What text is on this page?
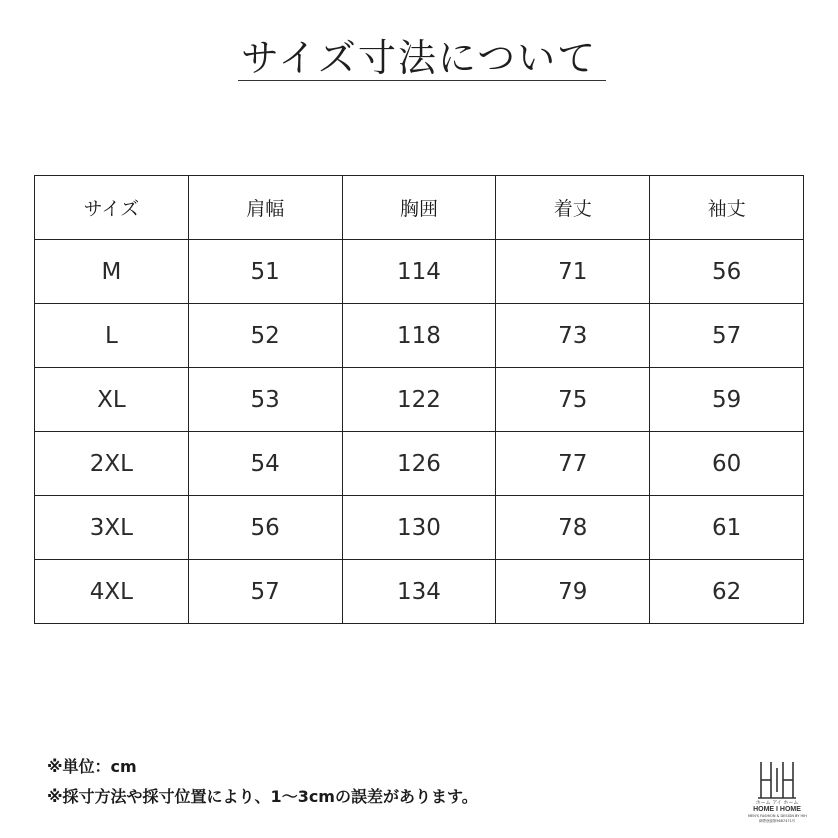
サイズ寸法について
サイズ	肩幅	胸囲	着丈	袖丈
M	51	114	71	56
L	52	118	73	57
XL	53	122	75	59
2XL	54	126	77	60
3XL	56	130	78	61
4XL	57	134	79	62
※単位：cm
※採寸方法や採寸位置により、1～3cmの誤差があります。	ホーム アイ ホーム
HOME I HOME
MEN'S FASHION & DESIGN BY HIH
商標登録第5687471号
